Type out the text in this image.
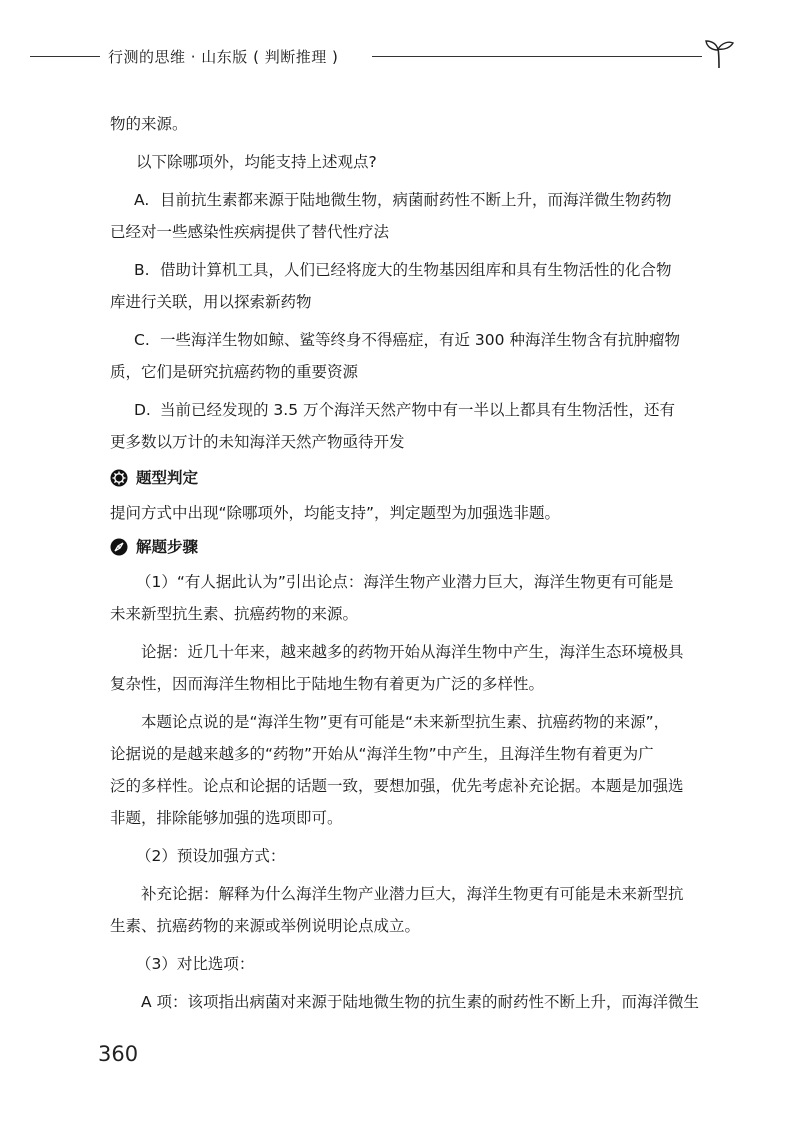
行测的思维 · 山东版 ( 判断推理 )
物的来源。
以下除哪项外，均能支持上述观点?
A. 目前抗生素都来源于陆地微生物，病菌耐药性不断上升，而海洋微生物药物
已经对一些感染性疾病提供了替代性疗法
B. 借助计算机工具，人们已经将庞大的生物基因组库和具有生物活性的化合物
库进行关联，用以探索新药物
C. 一些海洋生物如鲸、鲨等终身不得癌症，有近 300 种海洋生物含有抗肿瘤物
质，它们是研究抗癌药物的重要资源
D. 当前已经发现的 3.5 万个海洋天然产物中有一半以上都具有生物活性，还有
更多数以万计的未知海洋天然产物亟待开发
题型判定
提问方式中出现“除哪项外，均能支持”，判定题型为加强选非题。
解题步骤
（1）“有人据此认为”引出论点：海洋生物产业潜力巨大，海洋生物更有可能是
未来新型抗生素、抗癌药物的来源。
论据：近几十年来，越来越多的药物开始从海洋生物中产生，海洋生态环境极具
复杂性，因而海洋生物相比于陆地生物有着更为广泛的多样性。
本题论点说的是“海洋生物”更有可能是“未来新型抗生素、抗癌药物的来源”，
论据说的是越来越多的“药物”开始从“海洋生物”中产生，且海洋生物有着更为广
泛的多样性。论点和论据的话题一致，要想加强，优先考虑补充论据。本题是加强选
非题，排除能够加强的选项即可。
（2）预设加强方式：
补充论据：解释为什么海洋生物产业潜力巨大，海洋生物更有可能是未来新型抗
生素、抗癌药物的来源或举例说明论点成立。
（3）对比选项：
A 项：该项指出病菌对来源于陆地微生物的抗生素的耐药性不断上升，而海洋微生
360
